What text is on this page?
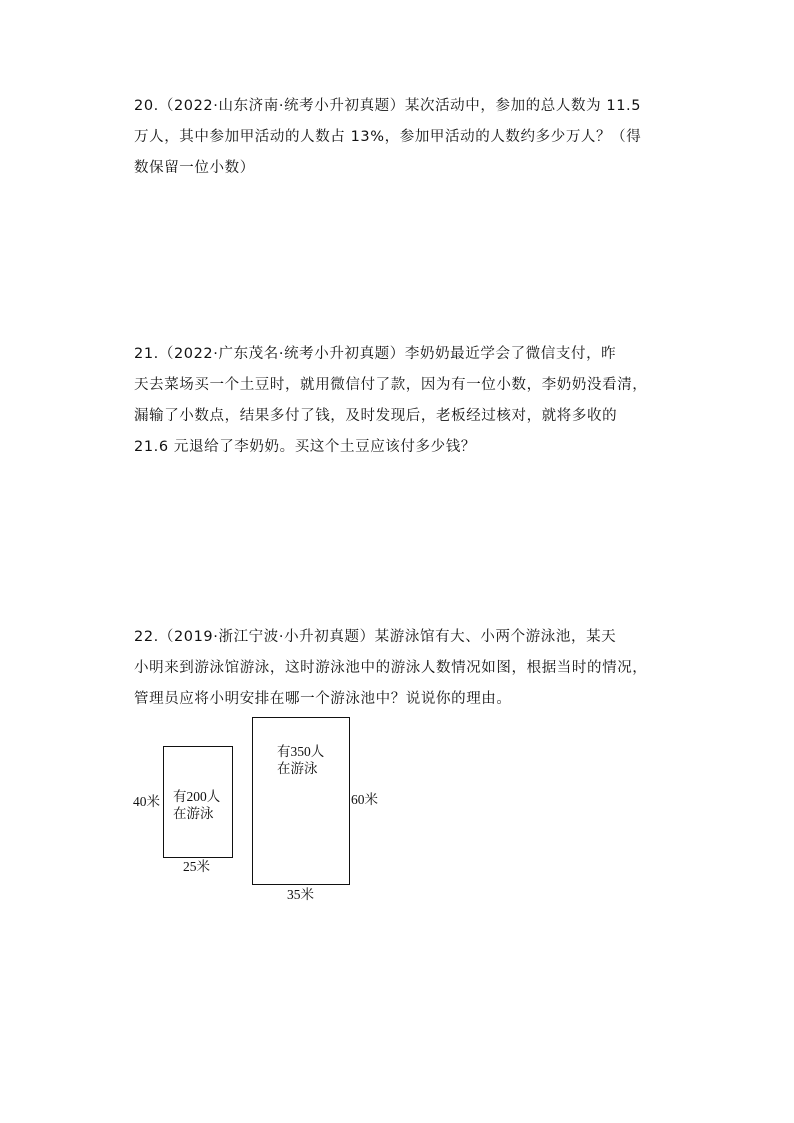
20.（2022·山东济南·统考小升初真题）某次活动中，参加的总人数为 11.5
万人，其中参加甲活动的人数占 13%，参加甲活动的人数约多少万人？（得
数保留一位小数）
21.（2022·广东茂名·统考小升初真题）李奶奶最近学会了微信支付，昨
天去菜场买一个土豆时，就用微信付了款，因为有一位小数，李奶奶没看清，
漏输了小数点，结果多付了钱，及时发现后，老板经过核对，就将多收的
21.6 元退给了李奶奶。买这个土豆应该付多少钱？
22.（2019·浙江宁波·小升初真题）某游泳馆有大、小两个游泳池，某天
小明来到游泳馆游泳，这时游泳池中的游泳人数情况如图，根据当时的情况，
管理员应将小明安排在哪一个游泳池中？说说你的理由。
有200人
在游泳
40米
25米
有350人
在游泳
60米
35米
